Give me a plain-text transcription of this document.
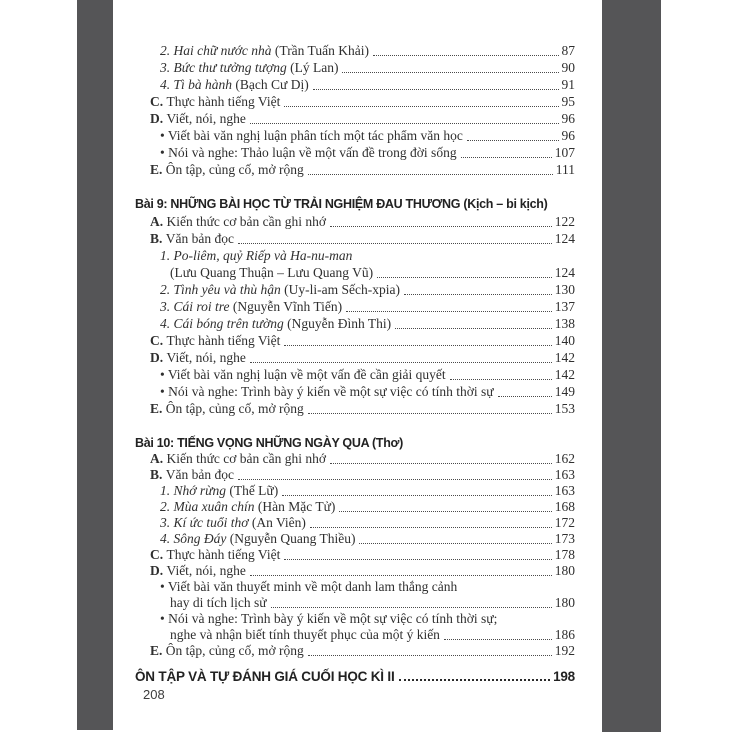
2. Hai chữ nước nhà (Trần Tuấn Khải)	87
3. Bức thư tưởng tượng (Lý Lan)	90
4. Tì bà hành (Bạch Cư Dị)	91
C. Thực hành tiếng Việt	95
D. Viết, nói, nghe	96
• Viết bài văn nghị luận phân tích một tác phẩm văn học	96
• Nói và nghe: Thảo luận về một vấn đề trong đời sống	107
E. Ôn tập, củng cố, mở rộng	111
Bài 9: NHỮNG BÀI HỌC TỪ TRẢI NGHIỆM ĐAU THƯƠNG (Kịch – bi kịch)
A. Kiến thức cơ bản cần ghi nhớ	122
B. Văn bản đọc	124
1. Po-liêm, quỷ Riếp và Ha-nu-man
(Lưu Quang Thuận – Lưu Quang Vũ)	124
2. Tình yêu và thù hận (Uy-li-am Sếch-xpia)	130
3. Cái roi tre (Nguyễn Vĩnh Tiến)	137
4. Cái bóng trên tường (Nguyễn Đình Thi)	138
C. Thực hành tiếng Việt	140
D. Viết, nói, nghe	142
• Viết bài văn nghị luận về một vấn đề cần giải quyết	142
• Nói và nghe: Trình bày ý kiến về một sự việc có tính thời sự	149
E. Ôn tập, củng cố, mở rộng	153
Bài 10: TIẾNG VỌNG NHỮNG NGÀY QUA (Thơ)
A. Kiến thức cơ bản cần ghi nhớ	162
B. Văn bản đọc	163
1. Nhớ rừng (Thế Lữ)	163
2. Mùa xuân chín (Hàn Mặc Tử)	168
3. Kí ức tuổi thơ (An Viên)	172
4. Sông Đáy (Nguyễn Quang Thiều)	173
C. Thực hành tiếng Việt	178
D. Viết, nói, nghe	180
• Viết bài văn thuyết minh về một danh lam thắng cảnh
hay di tích lịch sử	180
• Nói và nghe: Trình bày ý kiến về một sự việc có tính thời sự;
nghe và nhận biết tính thuyết phục của một ý kiến	186
E. Ôn tập, củng cố, mở rộng	192
ÔN TẬP VÀ TỰ ĐÁNH GIÁ CUỐI HỌC KÌ II	198
208
